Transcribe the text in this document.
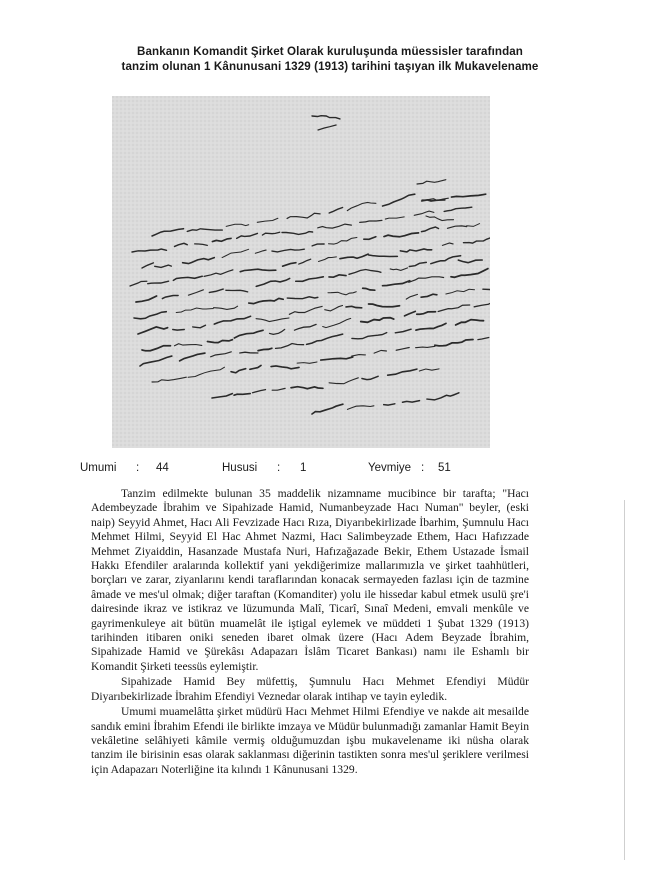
Bankanın Komandit Şirket Olarak kuruluşunda müessisler tarafından
tanzim olunan 1 Kânunusani 1329 (1913) tarihini taşıyan ilk Mukavelename
Umumi : 44	Hususi : 1	Yevmiye : 51

Tanzim edilmekte bulunan 35 maddelik nizamname mucibince bir tarafta; "Hacı Adembeyzade İbrahim ve Sipahizade Hamid, Numanbeyzade Hacı Numan" beyler, (eski naip) Seyyid Ahmet, Hacı Ali Fevzizade Hacı Rıza, Diyarıbekirlizade İbarhim, Şumnulu Hacı Mehmet Hilmi, Seyyid El Hac Ahmet Nazmi, Hacı Salimbeyzade Ethem, Hacı Hafızzade Mehmet Ziyaiddin, Hasanzade Mustafa Nuri, Hafızağazade Bekir, Ethem Ustazade İsmail Hakkı Efendiler aralarında kollektif yani yekdiğerimize mallarımızla ve şirket taahhütleri, borçları ve zarar, ziyanlarını kendi taraflarından konacak sermayeden fazlası için de tazmine âmade ve mes'ul olmak; diğer taraftan (Komanditer) yolu ile hissedar kabul etmek usulü şre'i dairesinde ikraz ve istikraz ve lüzumunda Malî, Ticarî, Sınaî Medeni, emvali menkûle ve gayrimenkuleye ait bütün muamelât ile iştigal eylemek ve müddeti 1 Şubat 1329 (1913) tarihinden itibaren oniki seneden ibaret olmak üzere (Hacı Adem Beyzade İbrahim, Sipahizade Hamid ve Şürekâsı Adapazarı İslâm Ticaret Bankası) namı ile Eshamlı bir Komandit Şirketi teessüs eylemiştir.

Sipahizade Hamid Bey müfettiş, Şumnulu Hacı Mehmet Efendiyi Müdür Diyarıbekirlizade İbrahim Efendiyi Veznedar olarak intihap ve tayin eyledik.

Umumi muamelâtta şirket müdürü Hacı Mehmet Hilmi Efendiye ve nakde ait mesailde sandık emini İbrahim Efendi ile birlikte imzaya ve Müdür bulunmadığı zamanlar Hamit Beyin vekâletine selâhiyeti kâmile vermiş olduğumuzdan işbu mukavelename iki nüsha olarak tanzim ile birisinin esas olarak saklanması diğerinin tastikten sonra mes'ul şeriklere verilmesi için Adapazarı Noterliğine ita kılındı 1 Kânunusani 1329.
